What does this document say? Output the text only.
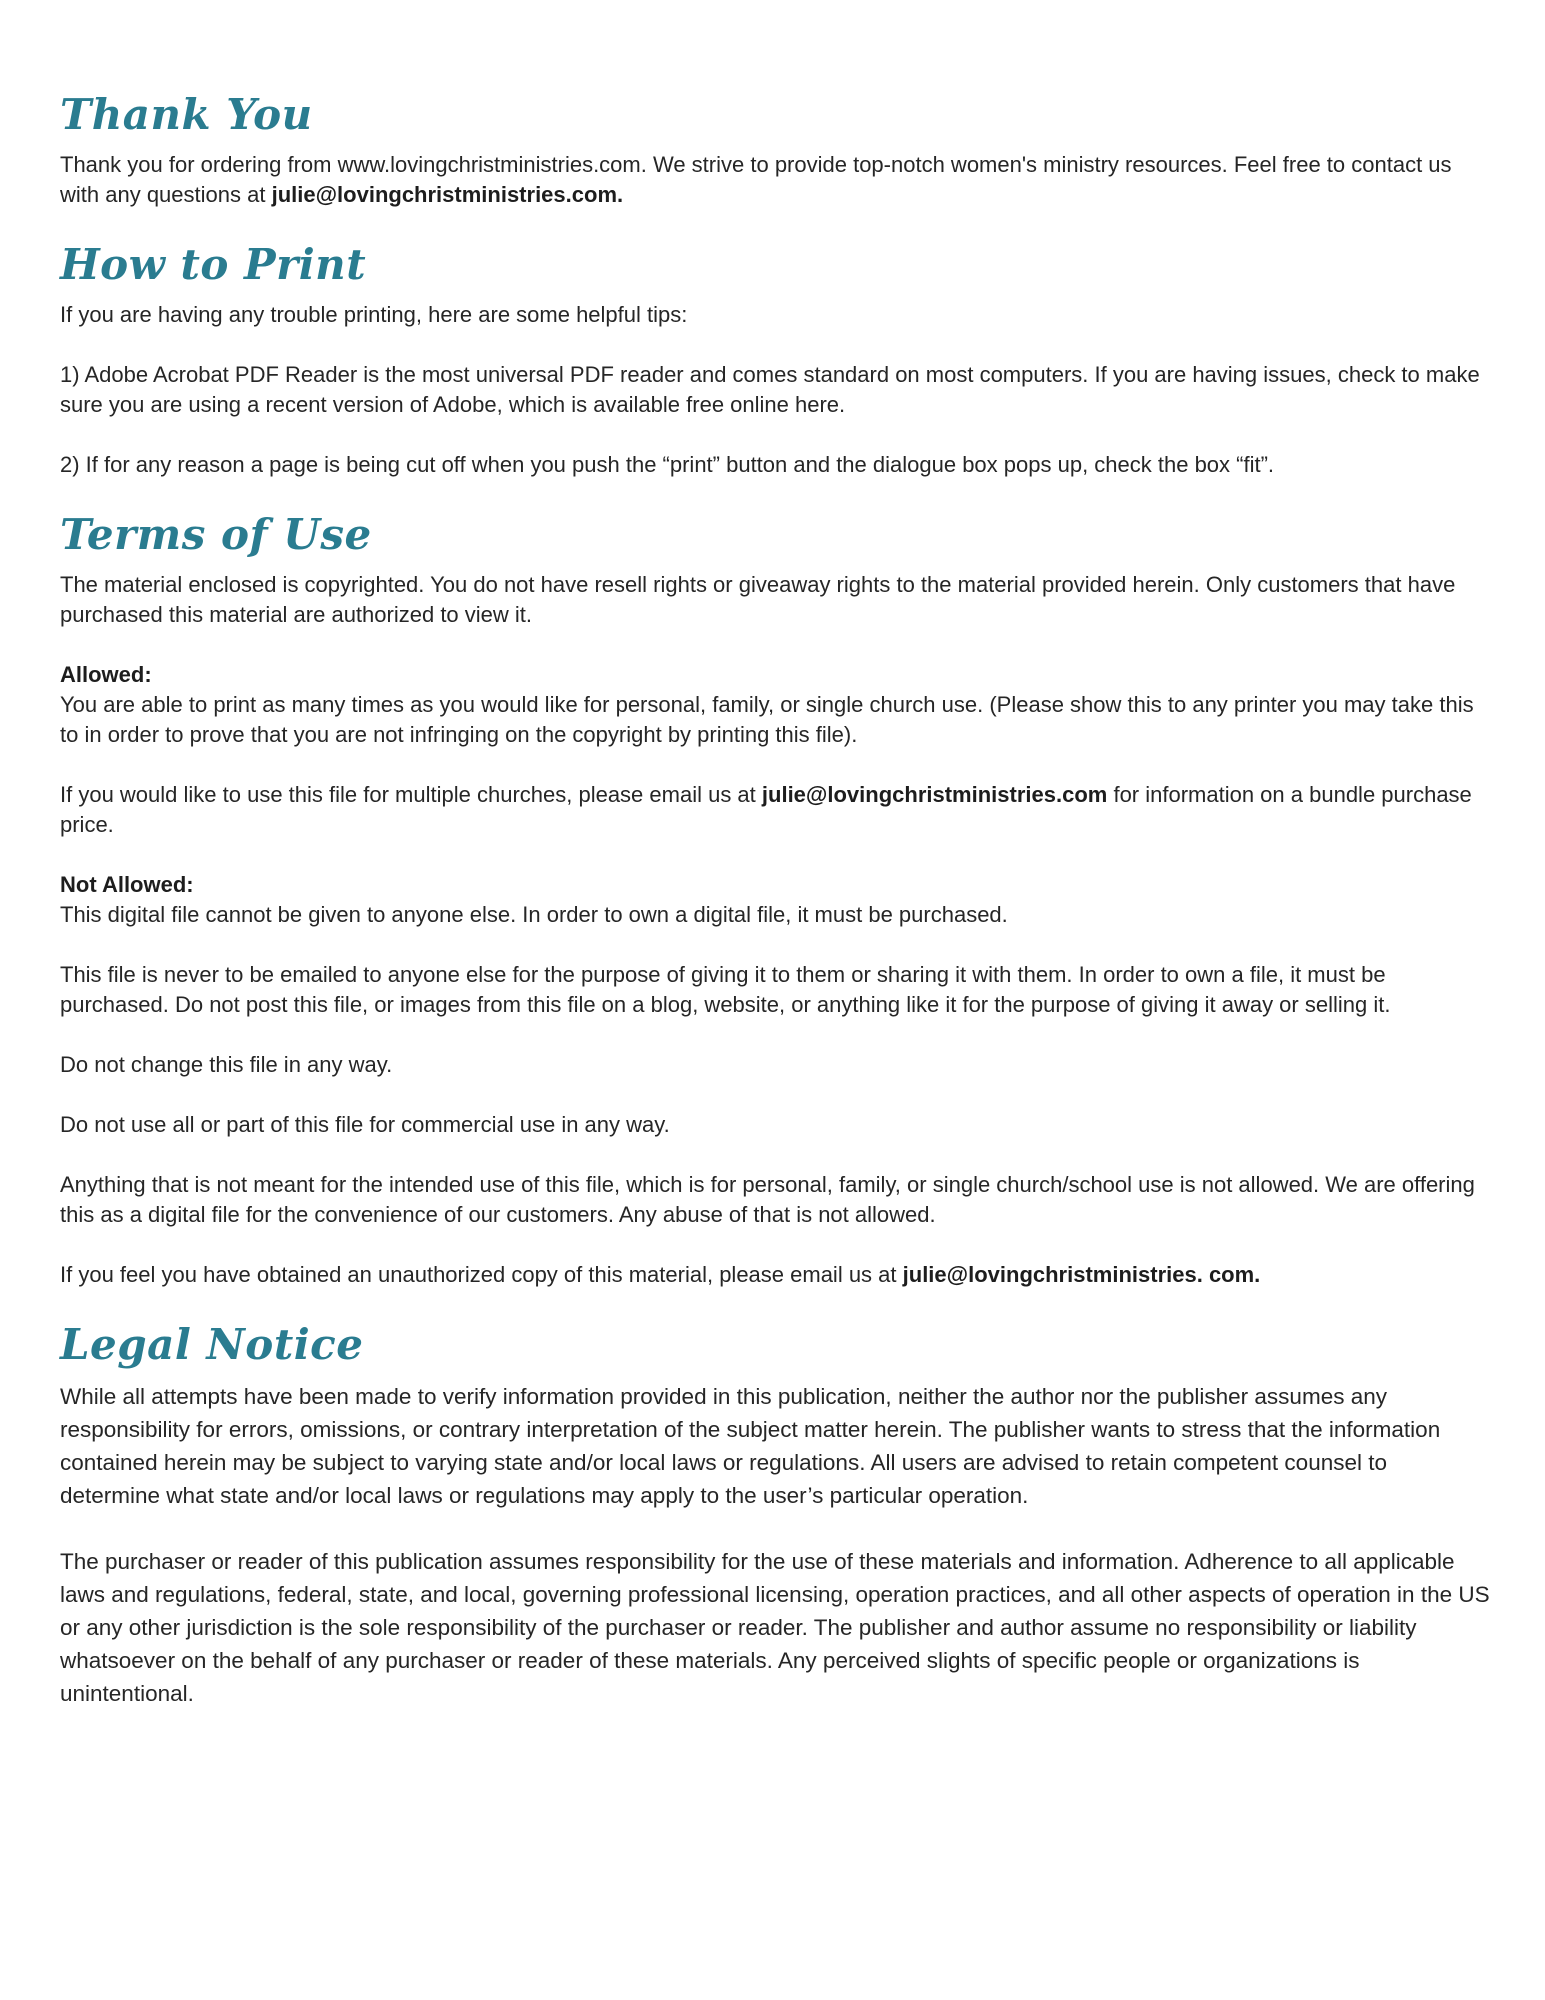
Thank You

Thank you for ordering from www.lovingchristministries.com. We strive to provide top-notch women's ministry resources. Feel free to contact us with any questions at julie@lovingchristministries.com.

How to Print

If you are having any trouble printing, here are some helpful tips:

1) Adobe Acrobat PDF Reader is the most universal PDF reader and comes standard on most computers. If you are having issues, check to make sure you are using a recent version of Adobe, which is available free online here.

2) If for any reason a page is being cut off when you push the “print” button and the dialogue box pops up, check the box “fit”.

Terms of Use

The material enclosed is copyrighted. You do not have resell rights or giveaway rights to the material provided herein. Only customers that have purchased this material are authorized to view it.

Allowed:
You are able to print as many times as you would like for personal, family, or single church use. (Please show this to any printer you may take this to in order to prove that you are not infringing on the copyright by printing this file).

If you would like to use this file for multiple churches, please email us at julie@lovingchristministries.com for information on a bundle purchase price.

Not Allowed:
This digital file cannot be given to anyone else. In order to own a digital file, it must be purchased.

This file is never to be emailed to anyone else for the purpose of giving it to them or sharing it with them. In order to own a file, it must be purchased. Do not post this file, or images from this file on a blog, website, or anything like it for the purpose of giving it away or selling it.

Do not change this file in any way.

Do not use all or part of this file for commercial use in any way.

Anything that is not meant for the intended use of this file, which is for personal, family, or single church/school use is not allowed. We are offering this as a digital file for the convenience of our customers. Any abuse of that is not allowed.

If you feel you have obtained an unauthorized copy of this material, please email us at julie@lovingchristministries. com.

Legal Notice

While all attempts have been made to verify information provided in this publication, neither the author nor the publisher assumes any responsibility for errors, omissions, or contrary interpretation of the subject matter herein. The publisher wants to stress that the information contained herein may be subject to varying state and/or local laws or regulations. All users are advised to retain competent counsel to determine what state and/or local laws or regulations may apply to the user’s particular operation.

The purchaser or reader of this publication assumes responsibility for the use of these materials and information. Adherence to all applicable laws and regulations, federal, state, and local, governing professional licensing, operation practices, and all other aspects of operation in the US or any other jurisdiction is the sole responsibility of the purchaser or reader. The publisher and author assume no responsibility or liability whatsoever on the behalf of any purchaser or reader of these materials. Any perceived slights of specific people or organizations is unintentional.
